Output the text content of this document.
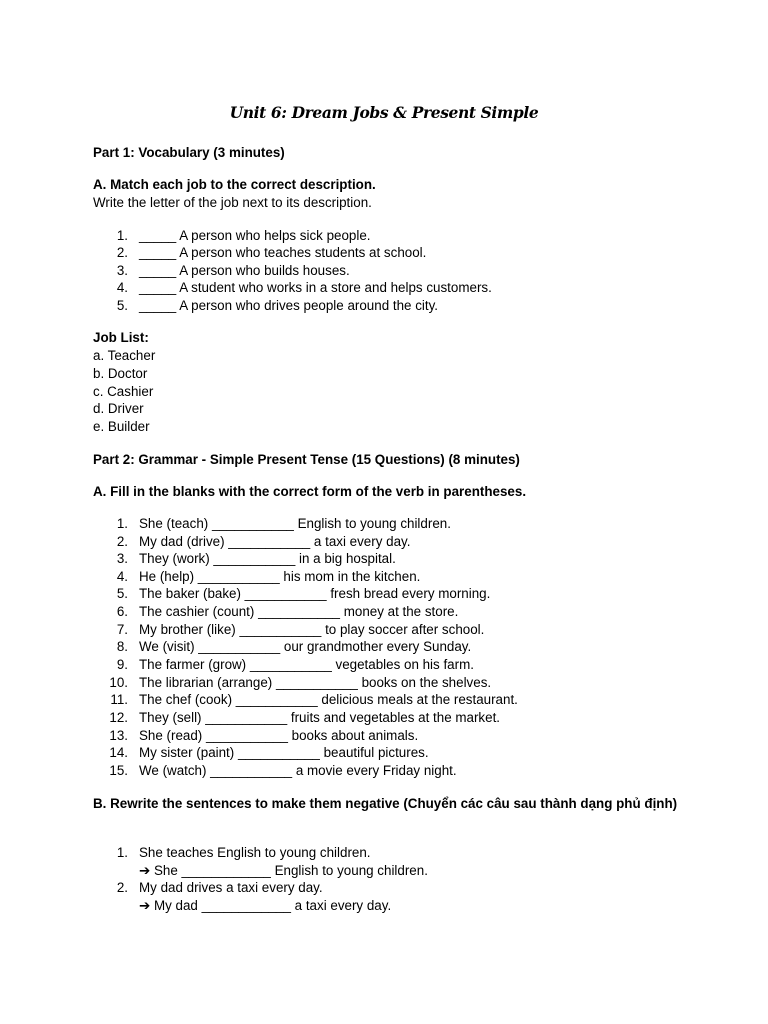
Unit 6: Dream Jobs & Present Simple
Part 1: Vocabulary (3 minutes)
A. Match each job to the correct description.
Write the letter of the job next to its description.
1. _____ A person who helps sick people.
2. _____ A person who teaches students at school.
3. _____ A person who builds houses.
4. _____ A student who works in a store and helps customers.
5. _____ A person who drives people around the city.
Job List:
a. Teacher
b. Doctor
c. Cashier
d. Driver
e. Builder
Part 2: Grammar - Simple Present Tense (15 Questions) (8 minutes)
A. Fill in the blanks with the correct form of the verb in parentheses.
1. She (teach) ___________ English to young children.
2. My dad (drive) ___________ a taxi every day.
3. They (work) ___________ in a big hospital.
4. He (help) ___________ his mom in the kitchen.
5. The baker (bake) ___________ fresh bread every morning.
6. The cashier (count) ___________ money at the store.
7. My brother (like) ___________ to play soccer after school.
8. We (visit) ___________ our grandmother every Sunday.
9. The farmer (grow) ___________ vegetables on his farm.
10. The librarian (arrange) ___________ books on the shelves.
11. The chef (cook) ___________ delicious meals at the restaurant.
12. They (sell) ___________ fruits and vegetables at the market.
13. She (read) ___________ books about animals.
14. My sister (paint) ___________ beautiful pictures.
15. We (watch) ___________ a movie every Friday night.
B. Rewrite the sentences to make them negative (Chuyển các câu sau thành dạng phủ định)
1. She teaches English to young children.
➔ She ____________ English to young children.
2. My dad drives a taxi every day.
➔ My dad ____________ a taxi every day.
